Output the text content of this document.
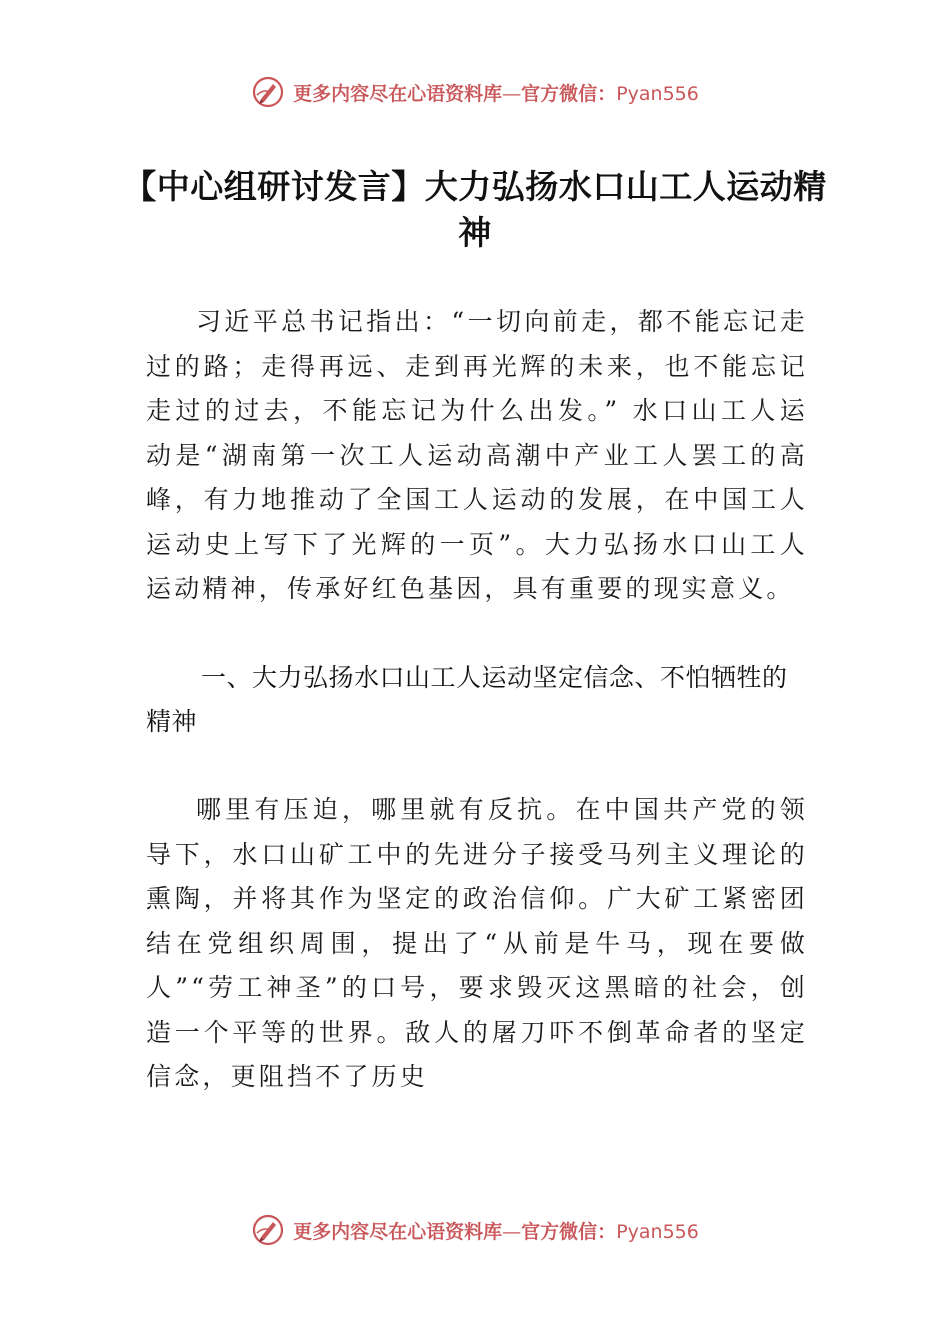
更多内容尽在心语资料库—官方微信：Pyan556
【中心组研讨发言】大力弘扬水口山工人运动精神
习近平总书记指出：“一切向前走，都不能忘记走过的路；走得再远、走到再光辉的未来，也不能忘记走过的过去，不能忘记为什么出发。” 水口山工人运动是“湖南第一次工人运动高潮中产业工人罢工的高峰，有力地推动了全国工人运动的发展，在中国工人运动史上写下了光辉的一页”。大力弘扬水口山工人运动精神，传承好红色基因，具有重要的现实意义。
一、大力弘扬水口山工人运动坚定信念、不怕牺牲的精神
哪里有压迫，哪里就有反抗。在中国共产党的领导下，水口山矿工中的先进分子接受马列主义理论的熏陶，并将其作为坚定的政治信仰。广大矿工紧密团结在党组织周围，提出了“从前是牛马，现在要做人”“劳工神圣”的口号，要求毁灭这黑暗的社会，创造一个平等的世界。敌人的屠刀吓不倒革命者的坚定信念，更阻挡不了历史
更多内容尽在心语资料库—官方微信：Pyan556
